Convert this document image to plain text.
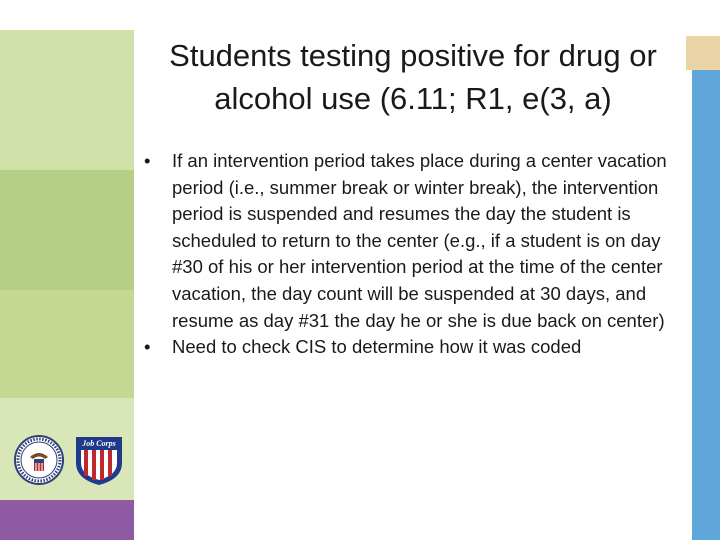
Job Corps
Students testing positive for drug or alcohol use (6.11; R1, e(3, a)
• If an intervention period takes place during a center vacation period (i.e., summer break or winter break), the intervention period is suspended and resumes the day the student is scheduled to return to the center (e.g., if a student is on day #30 of his or her intervention period at the time of the center vacation, the day count will be suspended at 30 days, and resume as day #31 the day he or she is due back on center)
• Need to check CIS to determine how it was coded
